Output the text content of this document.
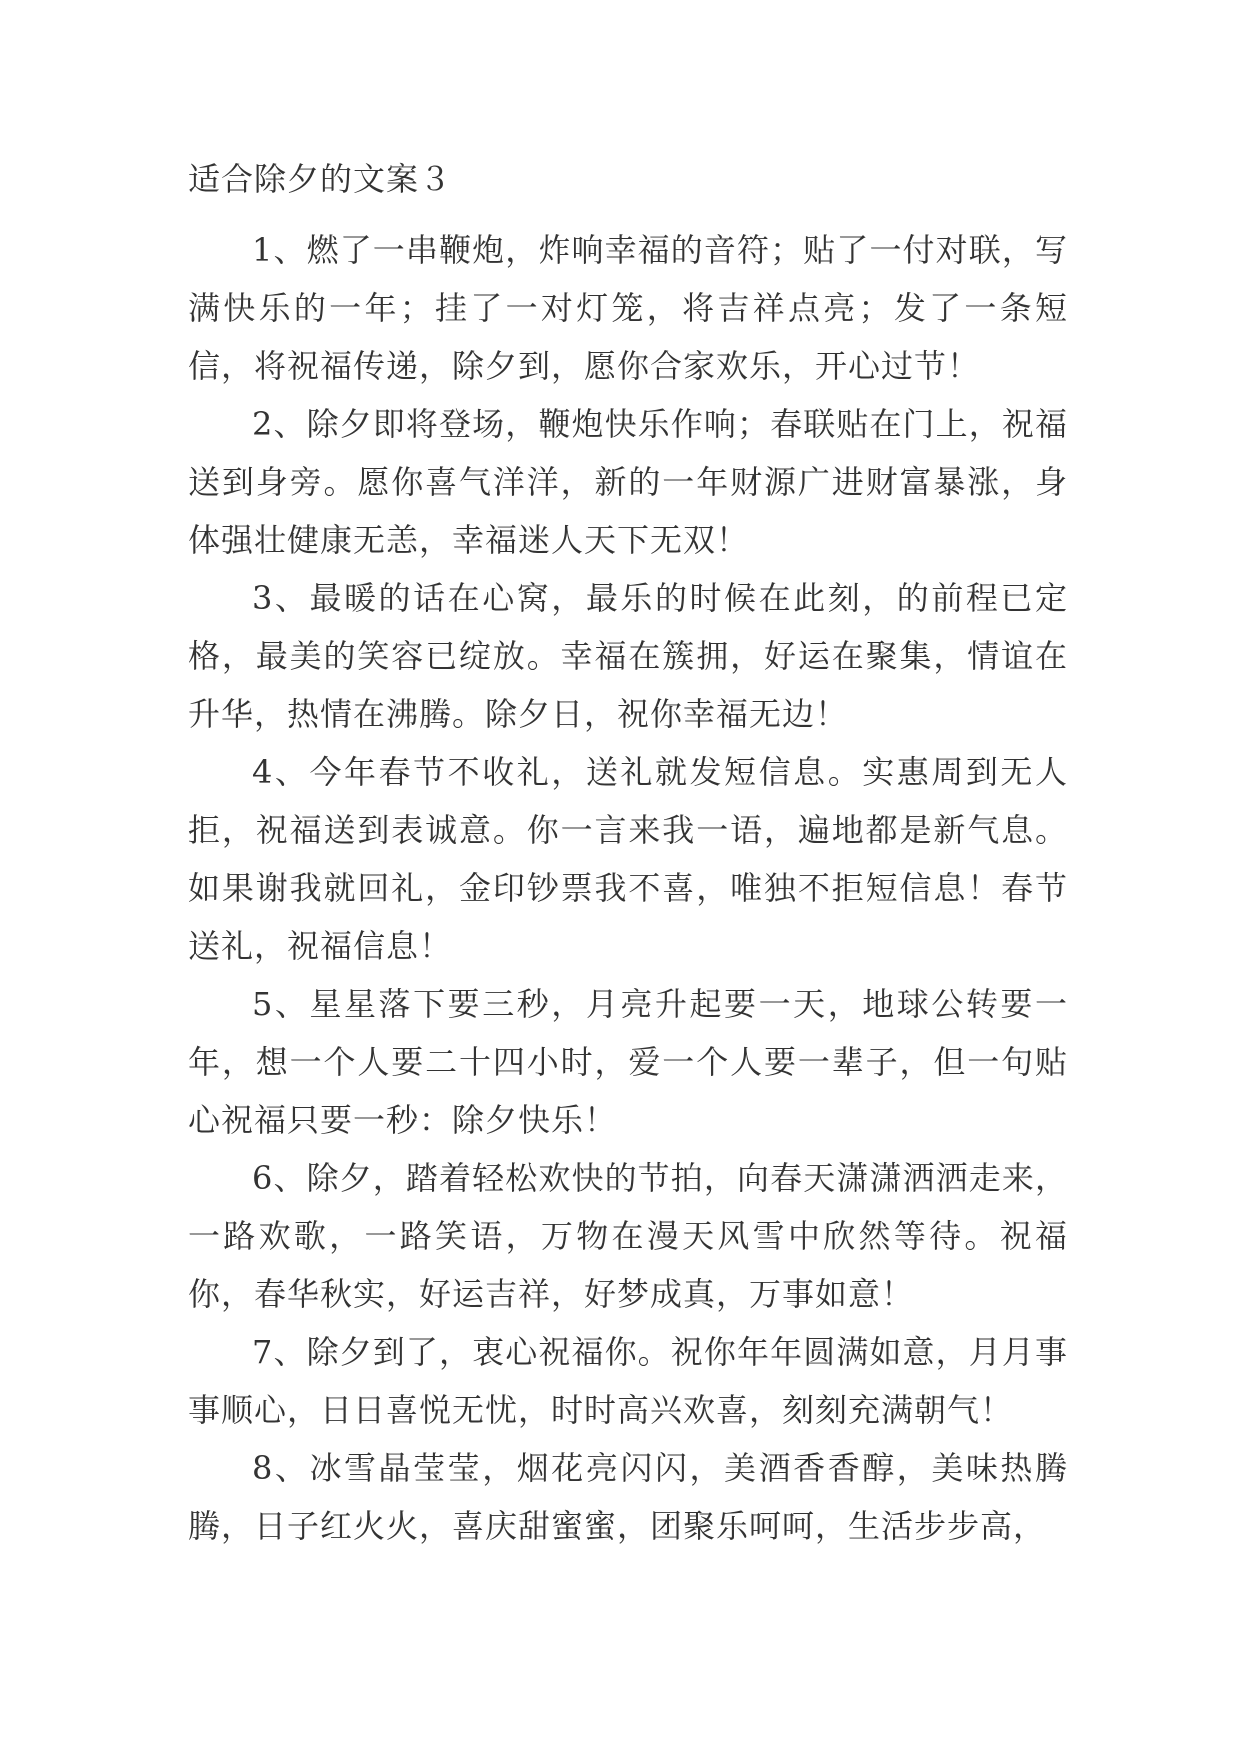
适合除夕的文案３

1、燃了一串鞭炮，炸响幸福的音符；贴了一付对联，写满快乐的一年；挂了一对灯笼，将吉祥点亮；发了一条短信，将祝福传递，除夕到，愿你合家欢乐，开心过节！

2、除夕即将登场，鞭炮快乐作响；春联贴在门上，祝福送到身旁。愿你喜气洋洋，新的一年财源广进财富暴涨，身体强壮健康无恙，幸福迷人天下无双！

3、最暖的话在心窝，最乐的时候在此刻，的前程已定格，最美的笑容已绽放。幸福在簇拥，好运在聚集，情谊在升华，热情在沸腾。除夕日，祝你幸福无边！

4、今年春节不收礼，送礼就发短信息。实惠周到无人拒，祝福送到表诚意。你一言来我一语，遍地都是新气息。如果谢我就回礼，金印钞票我不喜，唯独不拒短信息！春节送礼，祝福信息！

5、星星落下要三秒，月亮升起要一天，地球公转要一年，想一个人要二十四小时，爱一个人要一辈子，但一句贴心祝福只要一秒：除夕快乐！

6、除夕，踏着轻松欢快的节拍，向春天潇潇洒洒走来，一路欢歌，一路笑语，万物在漫天风雪中欣然等待。祝福你，春华秋实，好运吉祥，好梦成真，万事如意！

7、除夕到了，衷心祝福你。祝你年年圆满如意，月月事事顺心，日日喜悦无忧，时时高兴欢喜，刻刻充满朝气！

8、冰雪晶莹莹，烟花亮闪闪，美酒香香醇，美味热腾腾，日子红火火，喜庆甜蜜蜜，团聚乐呵呵，生活步步高，
